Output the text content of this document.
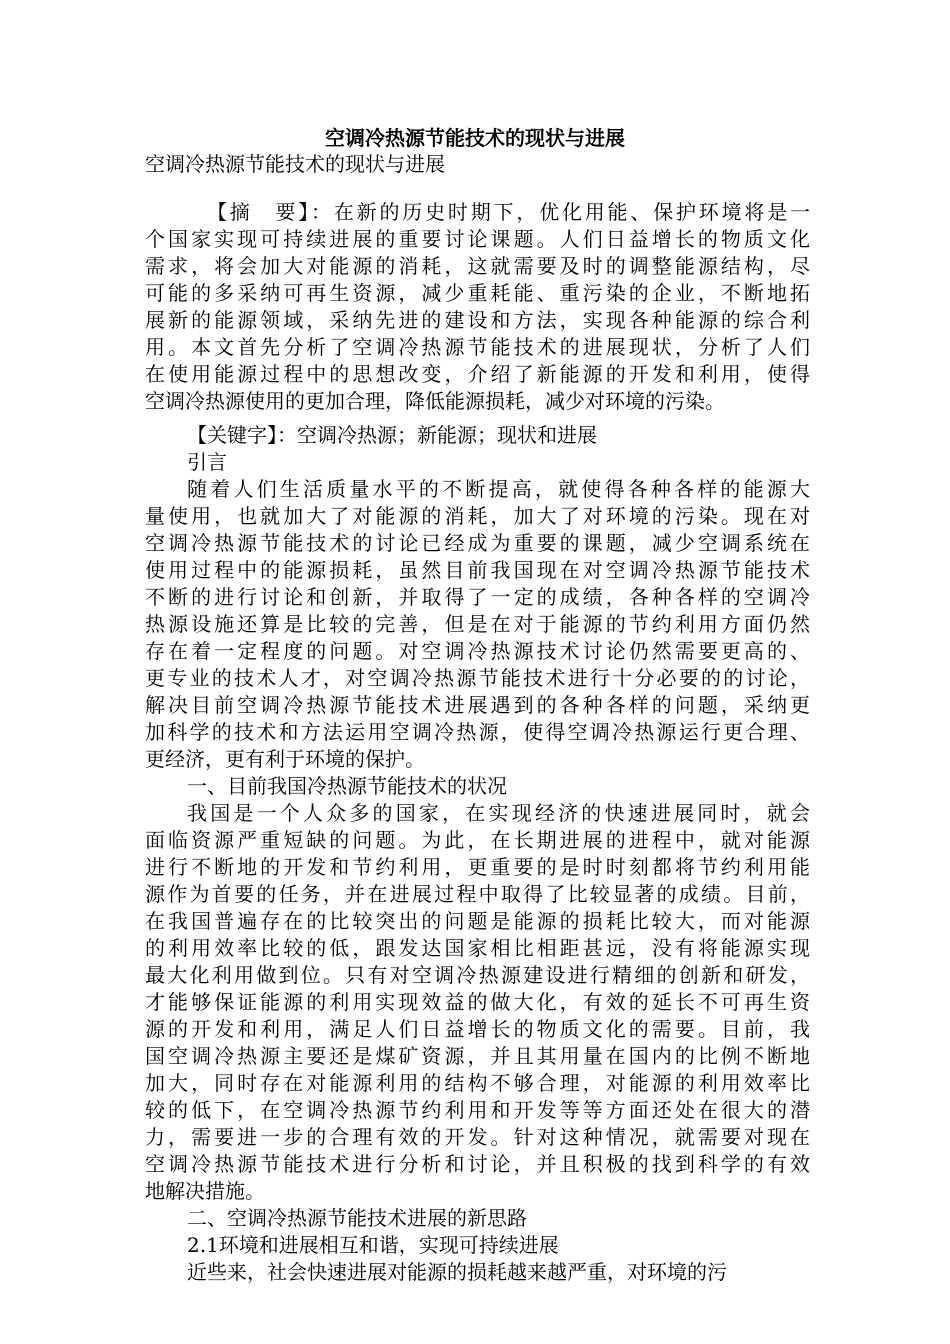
空调冷热源节能技术的现状与进展
空调冷热源节能技术的现状与进展
【摘　要】：在新的历史时期下，优化用能、保护环境将是一
个国家实现可持续进展的重要讨论课题。人们日益增长的物质文化
需求，将会加大对能源的消耗，这就需要及时的调整能源结构，尽
可能的多采纳可再生资源，减少重耗能、重污染的企业，不断地拓
展新的能源领域，采纳先进的建设和方法，实现各种能源的综合利
用。本文首先分析了空调冷热源节能技术的进展现状，分析了人们
在使用能源过程中的思想改变，介绍了新能源的开发和利用，使得
空调冷热源使用的更加合理，降低能源损耗，减少对环境的污染。
【关键字】：空调冷热源；新能源；现状和进展
引言
随着人们生活质量水平的不断提高，就使得各种各样的能源大
量使用，也就加大了对能源的消耗，加大了对环境的污染。现在对
空调冷热源节能技术的讨论已经成为重要的课题，减少空调系统在
使用过程中的能源损耗，虽然目前我国现在对空调冷热源节能技术
不断的进行讨论和创新，并取得了一定的成绩，各种各样的空调冷
热源设施还算是比较的完善，但是在对于能源的节约利用方面仍然
存在着一定程度的问题。对空调冷热源技术讨论仍然需要更高的、
更专业的技术人才，对空调冷热源节能技术进行十分必要的的讨论，
解决目前空调冷热源节能技术进展遇到的各种各样的问题，采纳更
加科学的技术和方法运用空调冷热源，使得空调冷热源运行更合理、
更经济，更有利于环境的保护。
一、目前我国冷热源节能技术的状况
我国是一个人众多的国家，在实现经济的快速进展同时，就会
面临资源严重短缺的问题。为此，在长期进展的进程中，就对能源
进行不断地的开发和节约利用，更重要的是时时刻都将节约利用能
源作为首要的任务，并在进展过程中取得了比较显著的成绩。目前，
在我国普遍存在的比较突出的问题是能源的损耗比较大，而对能源
的利用效率比较的低，跟发达国家相比相距甚远，没有将能源实现
最大化利用做到位。只有对空调冷热源建设进行精细的创新和研发，
才能够保证能源的利用实现效益的做大化，有效的延长不可再生资
源的开发和利用，满足人们日益增长的物质文化的需要。目前，我
国空调冷热源主要还是煤矿资源，并且其用量在国内的比例不断地
加大，同时存在对能源利用的结构不够合理，对能源的利用效率比
较的低下，在空调冷热源节约利用和开发等等方面还处在很大的潜
力，需要进一步的合理有效的开发。针对这种情况，就需要对现在
空调冷热源节能技术进行分析和讨论，并且积极的找到科学的有效
地解决措施。
二、空调冷热源节能技术进展的新思路
2.1环境和进展相互和谐，实现可持续进展
近些来，社会快速进展对能源的损耗越来越严重，对环境的污
